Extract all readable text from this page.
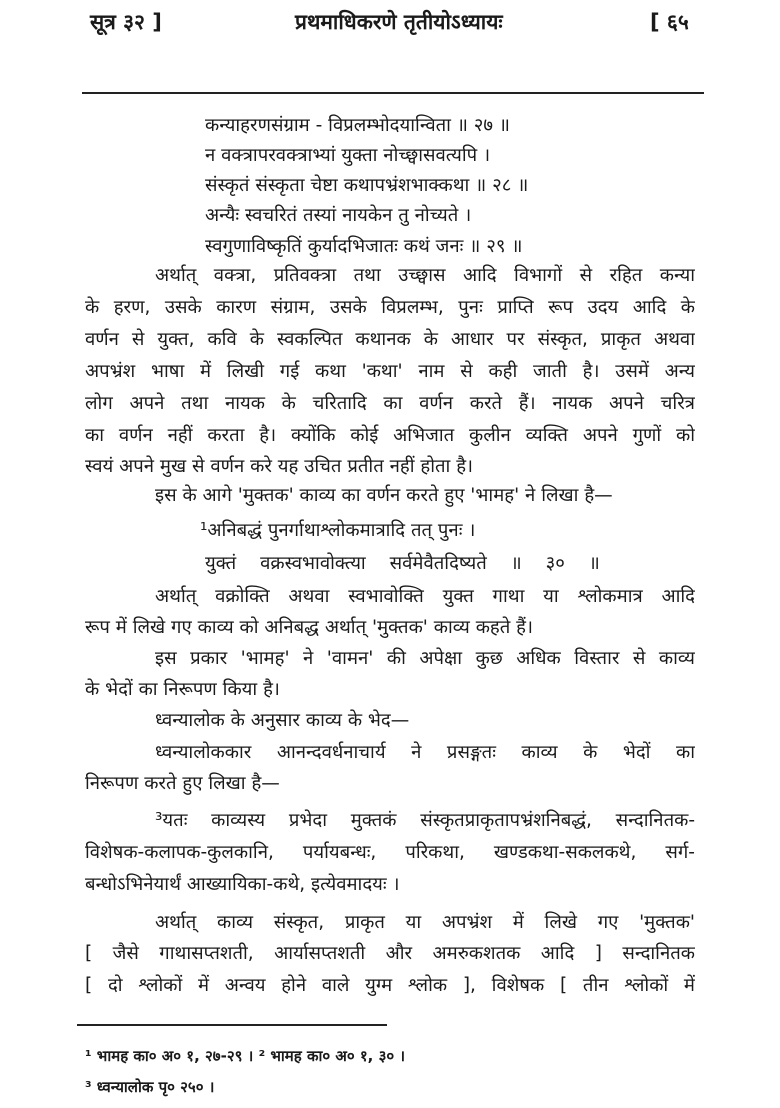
सूत्र ३२ ]	प्रथमाधिकरणे तृतीयोऽध्यायः	[ ६५
कन्याहरणसंग्राम - विप्रलम्भोदयान्विता ॥ २७ ॥
न वक्त्रापरवक्त्राभ्यां युक्ता नोच्छ्वासवत्यपि ।
संस्कृतं संस्कृता चेष्टा कथापभ्रंशभाक्कथा ॥ २८ ॥
अन्यैः स्वचरितं तस्यां नायकेन तु नोच्यते ।
स्वगुणाविष्कृतिं कुर्यादभिजातः कथं जनः ॥ २९ ॥
अर्थात् वक्त्रा, प्रतिवक्त्रा तथा उच्छ्वास आदि विभागों से रहित कन्या
के हरण, उसके कारण संग्राम, उसके विप्रलम्भ, पुनः प्राप्ति रूप उदय आदि के
वर्णन से युक्त, कवि के स्वकल्पित कथानक के आधार पर संस्कृत, प्राकृत अथवा
अपभ्रंश भाषा में लिखी गई कथा 'कथा' नाम से कही जाती है। उसमें अन्य
लोग अपने तथा नायक के चरितादि का वर्णन करते हैं। नायक अपने चरित्र
का वर्णन नहीं करता है। क्योंकि कोई अभिजात कुलीन व्यक्ति अपने गुणों को
स्वयं अपने मुख से वर्णन करे यह उचित प्रतीत नहीं होता है।
इस के आगे 'मुक्तक' काव्य का वर्णन करते हुए 'भामह' ने लिखा है—
¹अनिबद्धं पुनर्गाथाश्लोकमात्रादि तत् पुनः ।
युक्तं वक्रस्वभावोक्त्या सर्वमेवैतदिष्यते ॥ ३० ॥
अर्थात् वक्रोक्ति अथवा स्वभावोक्ति युक्त गाथा या श्लोकमात्र आदि
रूप में लिखे गए काव्य को अनिबद्ध अर्थात् 'मुक्तक' काव्य कहते हैं।
इस प्रकार 'भामह' ने 'वामन' की अपेक्षा कुछ अधिक विस्तार से काव्य
के भेदों का निरूपण किया है।
ध्वन्यालोक के अनुसार काव्य के भेद—
ध्वन्यालोककार आनन्दवर्धनाचार्य ने प्रसङ्गतः काव्य के भेदों का
निरूपण करते हुए लिखा है—
³यतः काव्यस्य प्रभेदा मुक्तकं संस्कृतप्राकृतापभ्रंशनिबद्धं, सन्दानितक-
विशेषक-कलापक-कुलकानि, पर्यायबन्धः, परिकथा, खण्डकथा-सकलकथे, सर्ग-
बन्धोऽभिनेयार्थं आख्यायिका-कथे, इत्येवमादयः ।
अर्थात् काव्य संस्कृत, प्राकृत या अपभ्रंश में लिखे गए 'मुक्तक'
[ जैसे गाथासप्तशती, आर्यासप्तशती और अमरुकशतक आदि ] सन्दानितक
[ दो श्लोकों में अन्वय होने वाले युग्म श्लोक ], विशेषक [ तीन श्लोकों में
¹ भामह का० अ० १, २७-२९ । ² भामह का० अ० १, ३० ।
³ ध्वन्यालोक पृ० २५० ।
